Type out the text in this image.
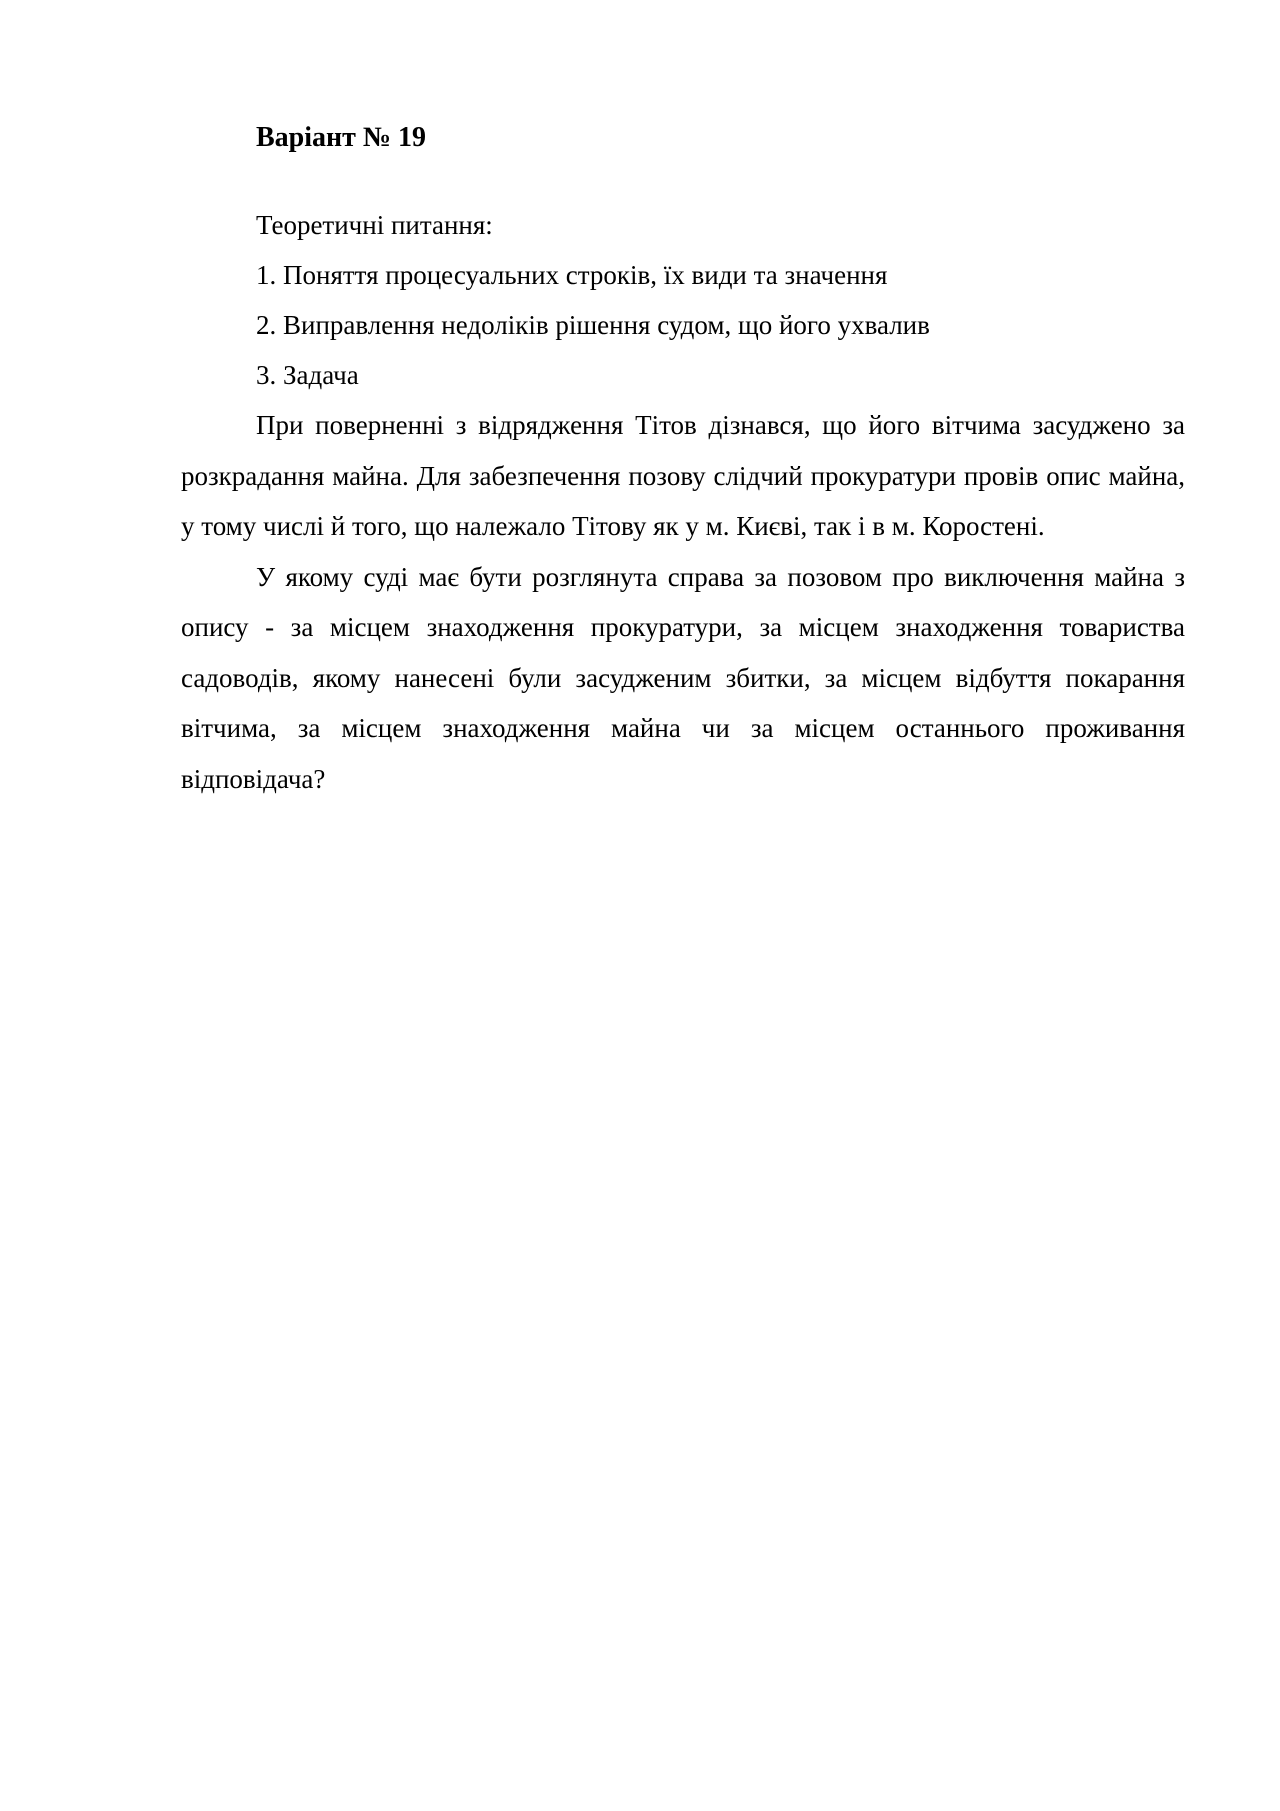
Варіант № 19

Теоретичні питання:

1. Поняття процесуальних строків, їх види та значення

2. Виправлення недоліків рішення судом, що його ухвалив

3. Задача

При поверненні з відрядження Тітов дізнався, що його вітчима засуджено за розкрадання майна. Для забезпечення позову слідчий прокуратури провів опис майна, у тому числі й того, що належало Тітову як у м. Києві, так і в м. Коростені.

У якому суді має бути розглянута справа за позовом про виключення майна з опису - за місцем знаходження прокуратури, за місцем знаходження товариства садоводів, якому нанесені були засудженим збитки, за місцем відбуття покарання вітчима, за місцем знаходження майна чи за місцем останнього проживання відповідача?
